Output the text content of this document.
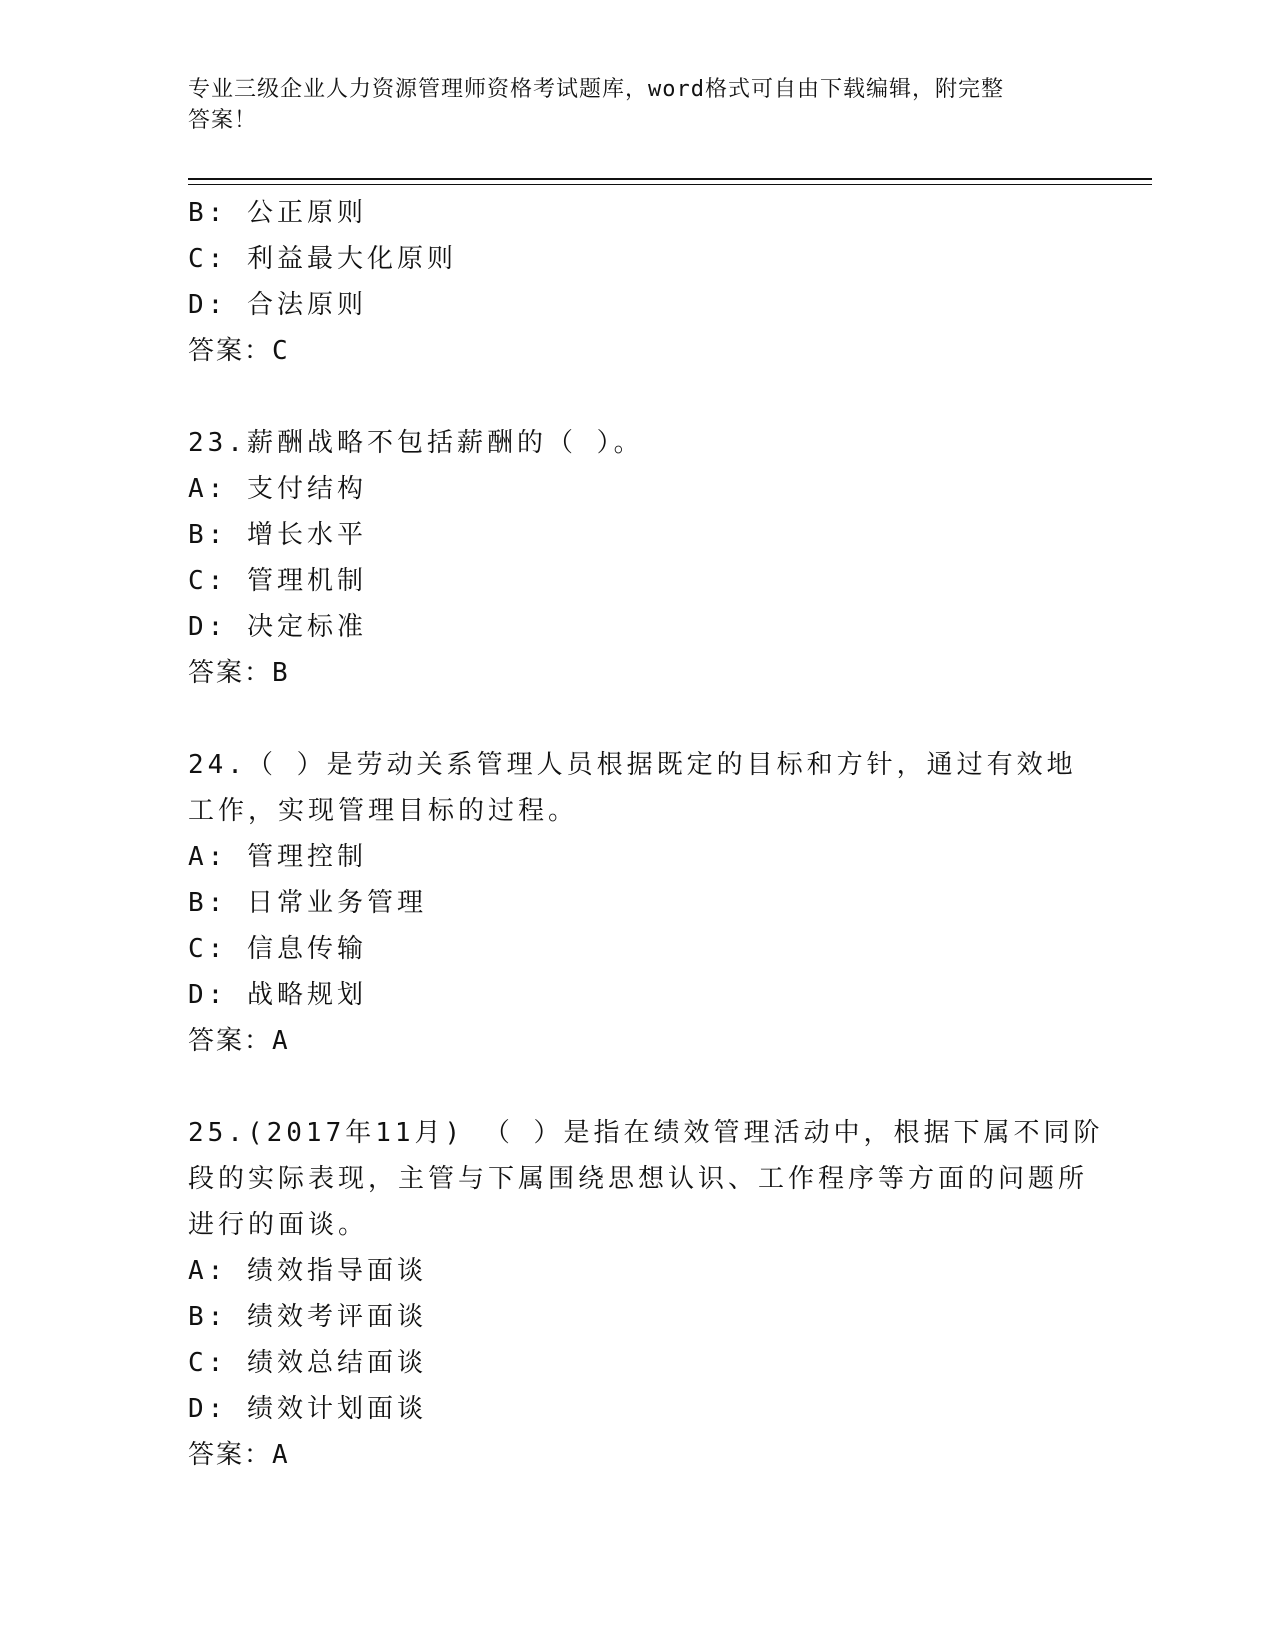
专业三级企业人力资源管理师资格考试题库，word格式可自由下载编辑，附完整
答案！
B: 公正原则
C: 利益最大化原则
D: 合法原则
答案：C
23.薪酬战略不包括薪酬的（ ）。
A: 支付结构
B: 增长水平
C: 管理机制
D: 决定标准
答案：B
24.（ ）是劳动关系管理人员根据既定的目标和方针，通过有效地
工作，实现管理目标的过程。
A: 管理控制
B: 日常业务管理
C: 信息传输
D: 战略规划
答案：A
25.(2017年11月) （ ）是指在绩效管理活动中，根据下属不同阶
段的实际表现，主管与下属围绕思想认识、工作程序等方面的问题所
进行的面谈。
A: 绩效指导面谈
B: 绩效考评面谈
C: 绩效总结面谈
D: 绩效计划面谈
答案：A
